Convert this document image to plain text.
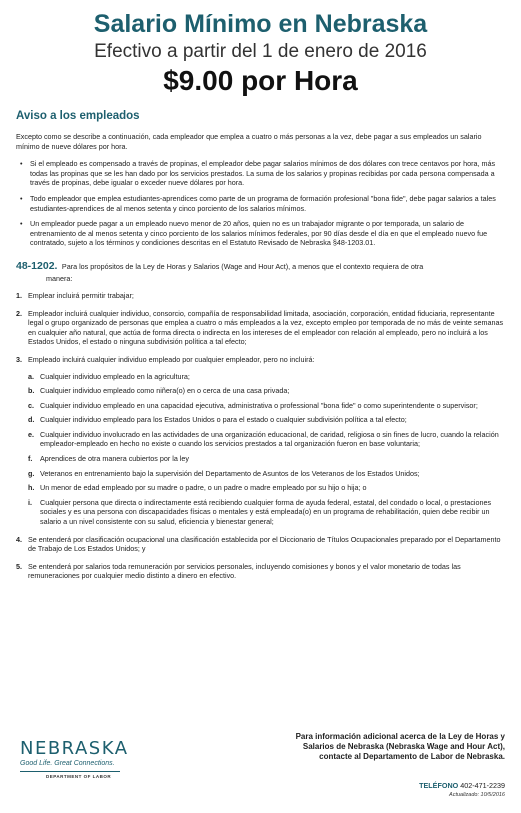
Salario Mínimo en Nebraska
Efectivo a partir del 1 de enero de 2016
$9.00 por Hora
Aviso a los empleados

Excepto como se describe a continuación, cada empleador que emplea a cuatro o más personas a la vez, debe pagar a sus empleados un salario mínimo de nueve dólares por hora.

• Si el empleado es compensado a través de propinas, el empleador debe pagar salarios mínimos de dos dólares con trece centavos por hora, más todas las propinas que se les han dado por los servicios prestados. La suma de los salarios y propinas recibidas por cada persona compensada a través de propinas, debe igualar o exceder nueve dólares por hora.
• Todo empleador que emplea estudiantes-aprendices como parte de un programa de formación profesional "bona fide", debe pagar salarios a tales estudiantes-aprendices de al menos setenta y cinco porciento de los salarios mínimos.
• Un empleador puede pagar a un empleado nuevo menor de 20 años, quien no es un trabajador migrante o por temporada, un salario de entrenamiento de al menos setenta y cinco porciento de los salarios mínimos federales, por 90 días desde el día en que el empleado nuevo fue contratado, sujeto a los términos y condiciones descritas en el Estatuto Revisado de Nebraska §48-1203.01.
48-1202. Para los propósitos de la Ley de Horas y Salarios (Wage and Hour Act), a menos que el contexto requiera de otra
manera:
1. Emplear incluirá permitir trabajar;
2. Empleador incluirá cualquier individuo, consorcio, compañía de responsabilidad limitada, asociación, corporación, entidad fiduciaria, representante legal o grupo organizado de personas que emplea a cuatro o más empleados a la vez, excepto empleo por temporada de no más de veinte semanas en cualquier año natural, que actúa de forma directa o indirecta en los intereses de el empleador con relación al empleado, pero no incluirá a los Estados Unidos, el estado o ninguna subdivisión política a tal efecto;
3. Empleado incluirá cualquier individuo empleado por cualquier empleador, pero no incluirá:
a. Cualquier individuo empleado en la agricultura;
b. Cualquier individuo empleado como niñera(o) en o cerca de una casa privada;
c. Cualquier individuo empleado en una capacidad ejecutiva, administrativa o professional "bona fide" o como superintendente o supervisor;
d. Cualquier individuo empleado para los Estados Unidos o para el estado o cualquier subdivisión política a tal efecto;
e. Cualquier individuo involucrado en las actividades de una organización educacional, de caridad, religiosa o sin fines de lucro, cuando la relación empleador-empleado en hecho no existe o cuando los servicios prestados a tal organización fueron en base voluntaria;
f. Aprendices de otra manera cubiertos por la ley
g. Veteranos en entrenamiento bajo la supervisión del Departamento de Asuntos de los Veteranos de los Estados Unidos;
h. Un menor de edad empleado por su madre o padre, o un padre o madre empleado por su hijo o hija; o
i. Cualquier persona que directa o indirectamente está recibiendo cualquier forma de ayuda federal, estatal, del condado o local, o prestaciones sociales y es una persona con discapacidades físicas o mentales y está empleada(o) en un programa de rehabilitación, quien debe recibir un salario a un nivel consistente con su salud, eficiencia y bienestar general;
4. Se entenderá por clasificación ocupacional una clasificación establecida por el Diccionario de Títulos Ocupacionales preparado por el Departamento de Trabajo de Los Estados Unidos; y
5. Se entenderá por salarios toda remuneración por servicios personales, incluyendo comisiones y bonos y el valor monetario de todas las remuneraciones por cualquier medio distinto a dinero en efectivo.
NEBRASKA
Good Life. Great Connections.
DEPARTMENT OF LABOR
Para información adicional acerca de la Ley de Horas y
Salarios de Nebraska (Nebraska Wage and Hour Act),
contacte al Departamento de Labor de Nebraska.
TELÉFONO 402-471-2239
Actualizado: 10/5/2016
